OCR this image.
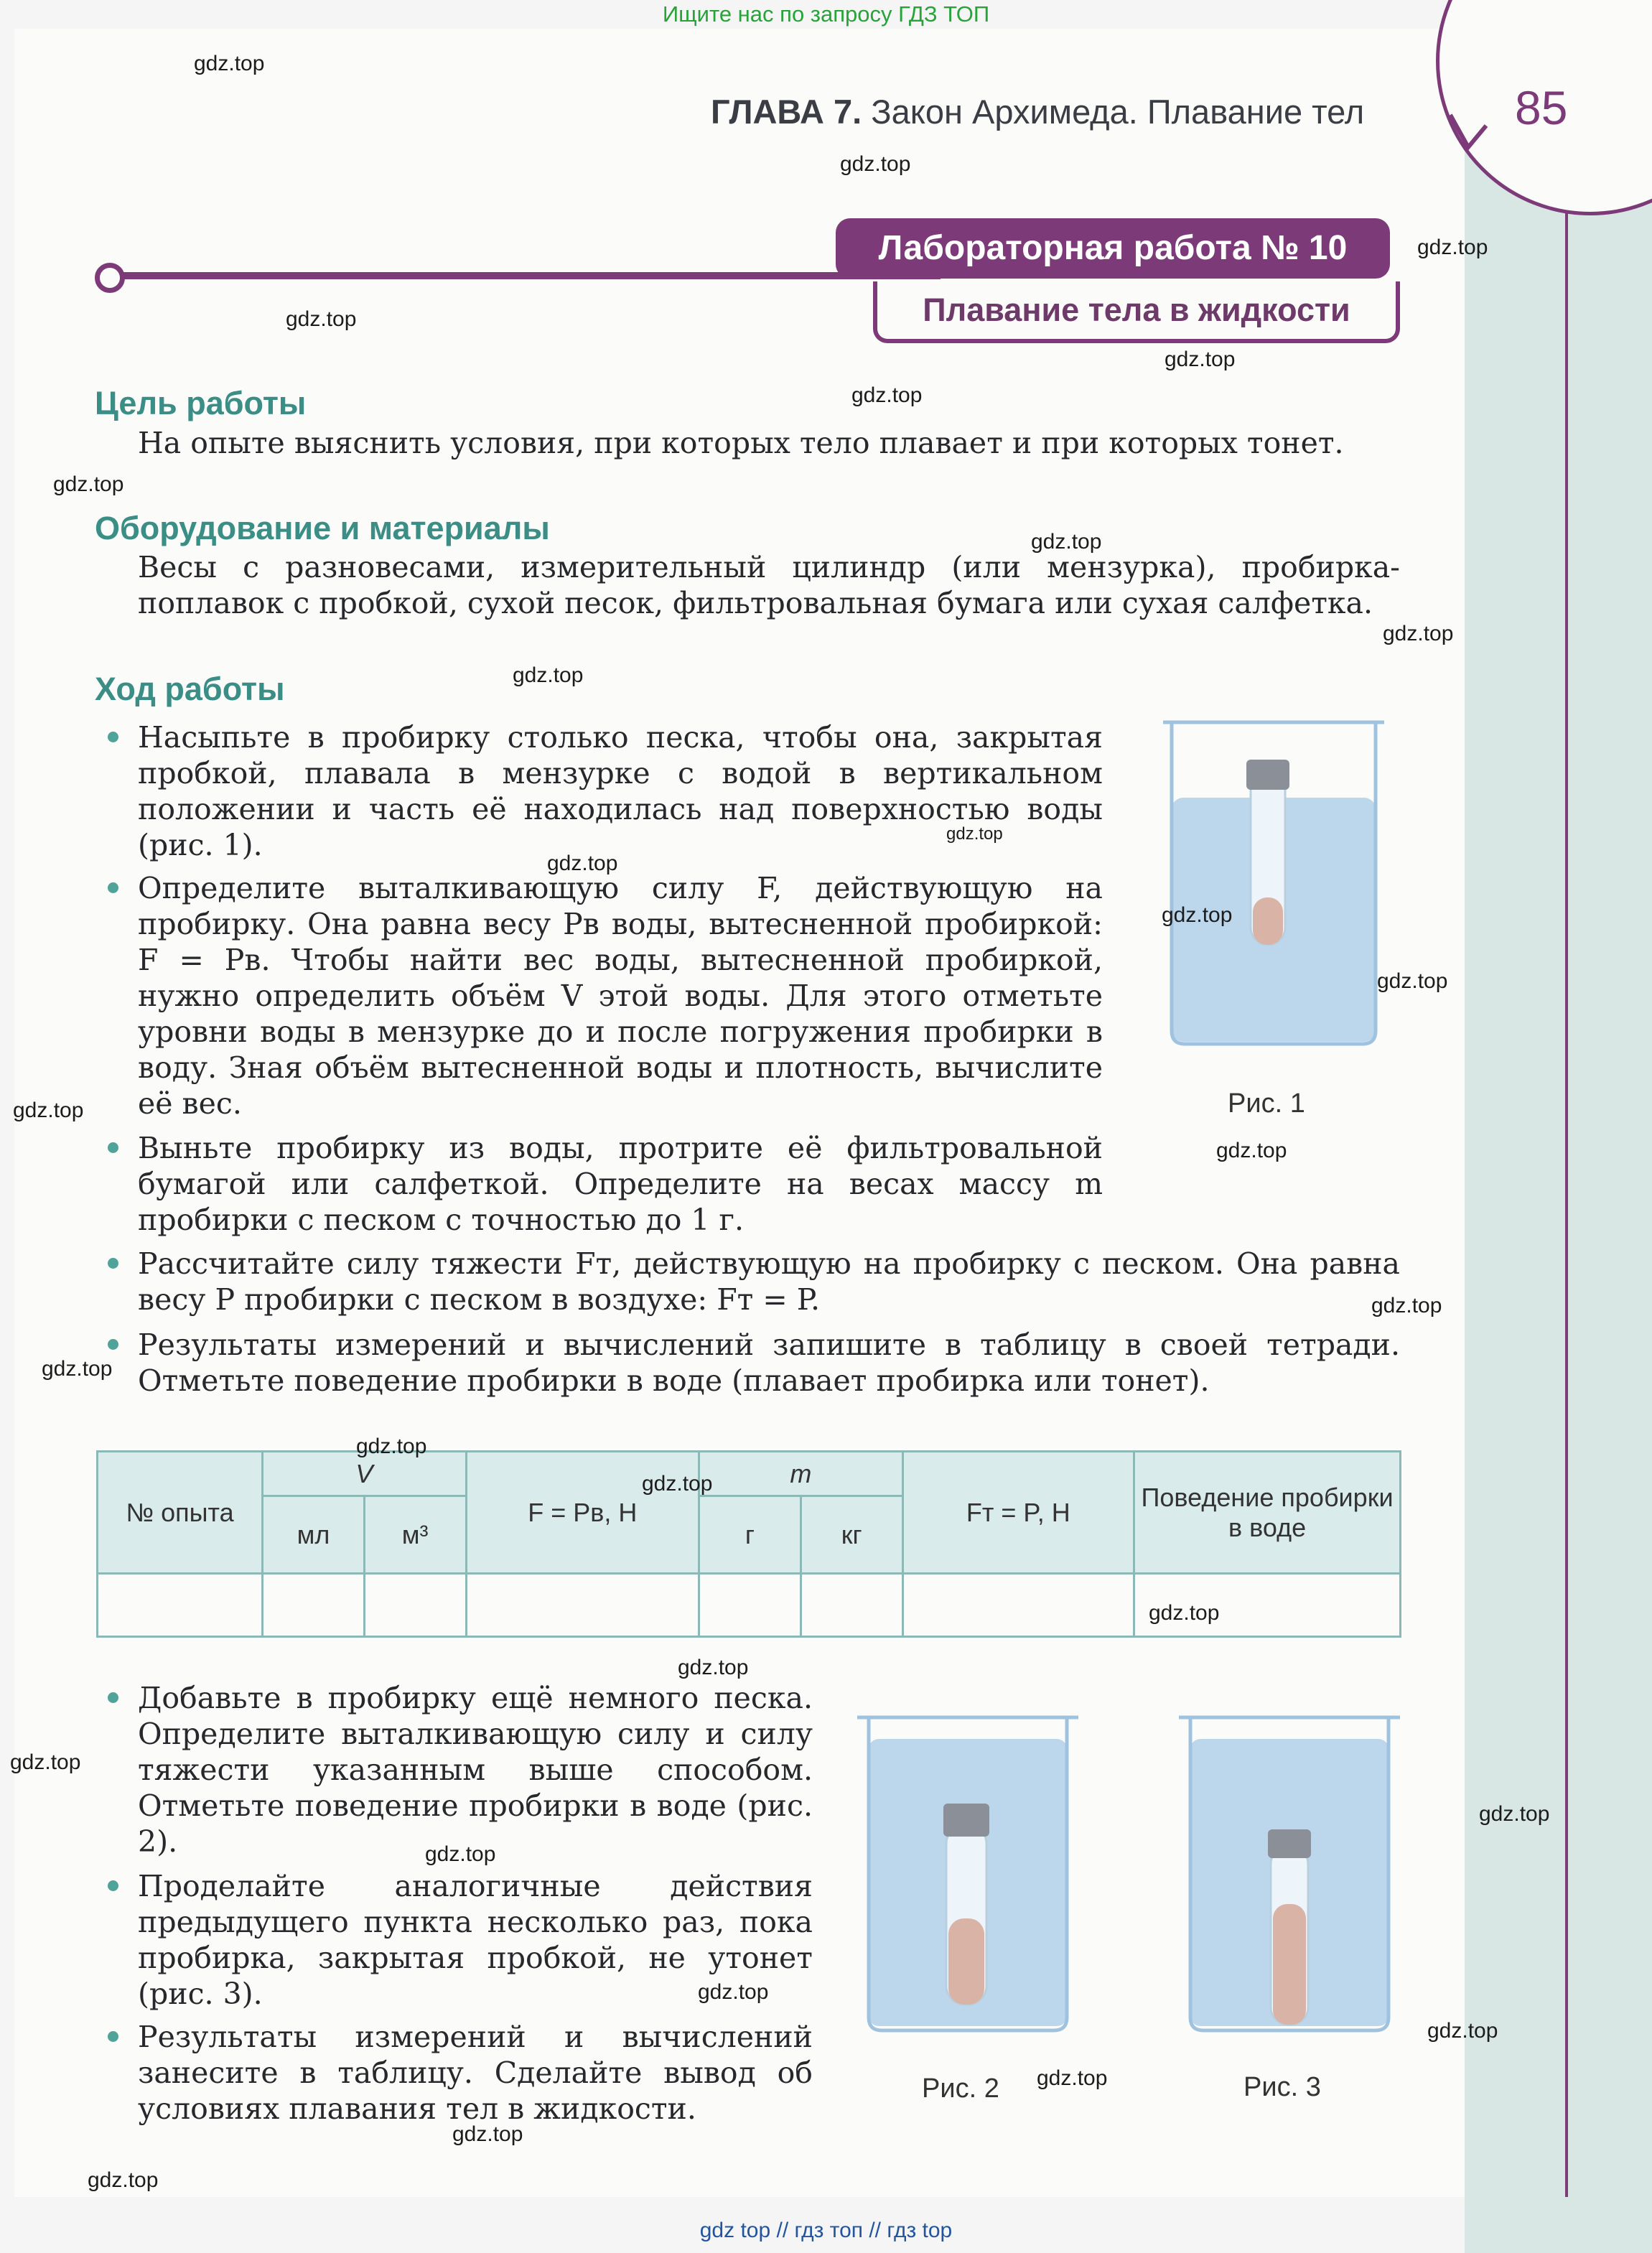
Ищите нас по запросу ГДЗ ТОП
85
ГЛАВА 7. Закон Архимеда. Плавание тел
Лабораторная работа № 10
Плавание тела в жидкости
Цель работы
На опыте выяснить условия, при которых тело плавает и при которых тонет.
Оборудование и материалы
Весы с разновесами, измерительный цилиндр (или мензурка), пробирка-поплавок с пробкой, сухой песок, фильтровальная бумага или сухая салфетка.
Ход работы
Насыпьте в пробирку столько песка, чтобы она, закрытая пробкой, плавала в мензурке с водой в вертикальном положении и часть её находилась над поверхностью воды (рис. 1).
Определите выталкивающую силу F, действующую на пробирку. Она равна весу Pв воды, вытесненной пробиркой: F = Pв. Чтобы найти вес воды, вытесненной пробиркой, нужно определить объём V этой воды. Для этого отметьте уровни воды в мензурке до и после погружения пробирки в воду. Зная объём вытесненной воды и плотность, вычислите её вес.
Выньте пробирку из воды, протрите её фильтровальной бумагой или салфеткой. Определите на весах массу m пробирки с песком с точностью до 1 г.
Рассчитайте силу тяжести Fт, действующую на пробирку с песком. Она равна весу P пробирки с песком в воздухе: Fт = P.
Результаты измерений и вычислений запишите в таблицу в своей тетради. Отметьте поведение пробирки в воде (плавает пробирка или тонет).
Рис. 1
№ опыта	V		F = Pв, Н	m		Fт = P, Н	Поведение пробирки в воде
	мл	м³		г	кг		

Добавьте в пробирку ещё немного песка. Определите выталкивающую силу и силу тяжести указанным выше способом. Отметьте поведение пробирки в воде (рис. 2).
Проделайте аналогичные действия предыдущего пункта несколько раз, пока пробирка, закрытая пробкой, не утонет (рис. 3).
Результаты измерений и вычислений занесите в таблицу. Сделайте вывод об условиях плавания тел в жидкости.
Рис. 2	Рис. 3
gdz.top
gdz.top
gdz.top
gdz.top
gdz.top
gdz.top
gdz.top
gdz.top
gdz.top
gdz.top
gdz.top
gdz.top
gdz.top
gdz.top
gdz.top
gdz.top
gdz.top
gdz.top
gdz.top
gdz.top
gdz.top
gdz.top
gdz.top
gdz.top
gdz.top
gdz.top
gdz.top
gdz.top
gdz.top
gdz.top
gdz top // гдз топ // гдз top
